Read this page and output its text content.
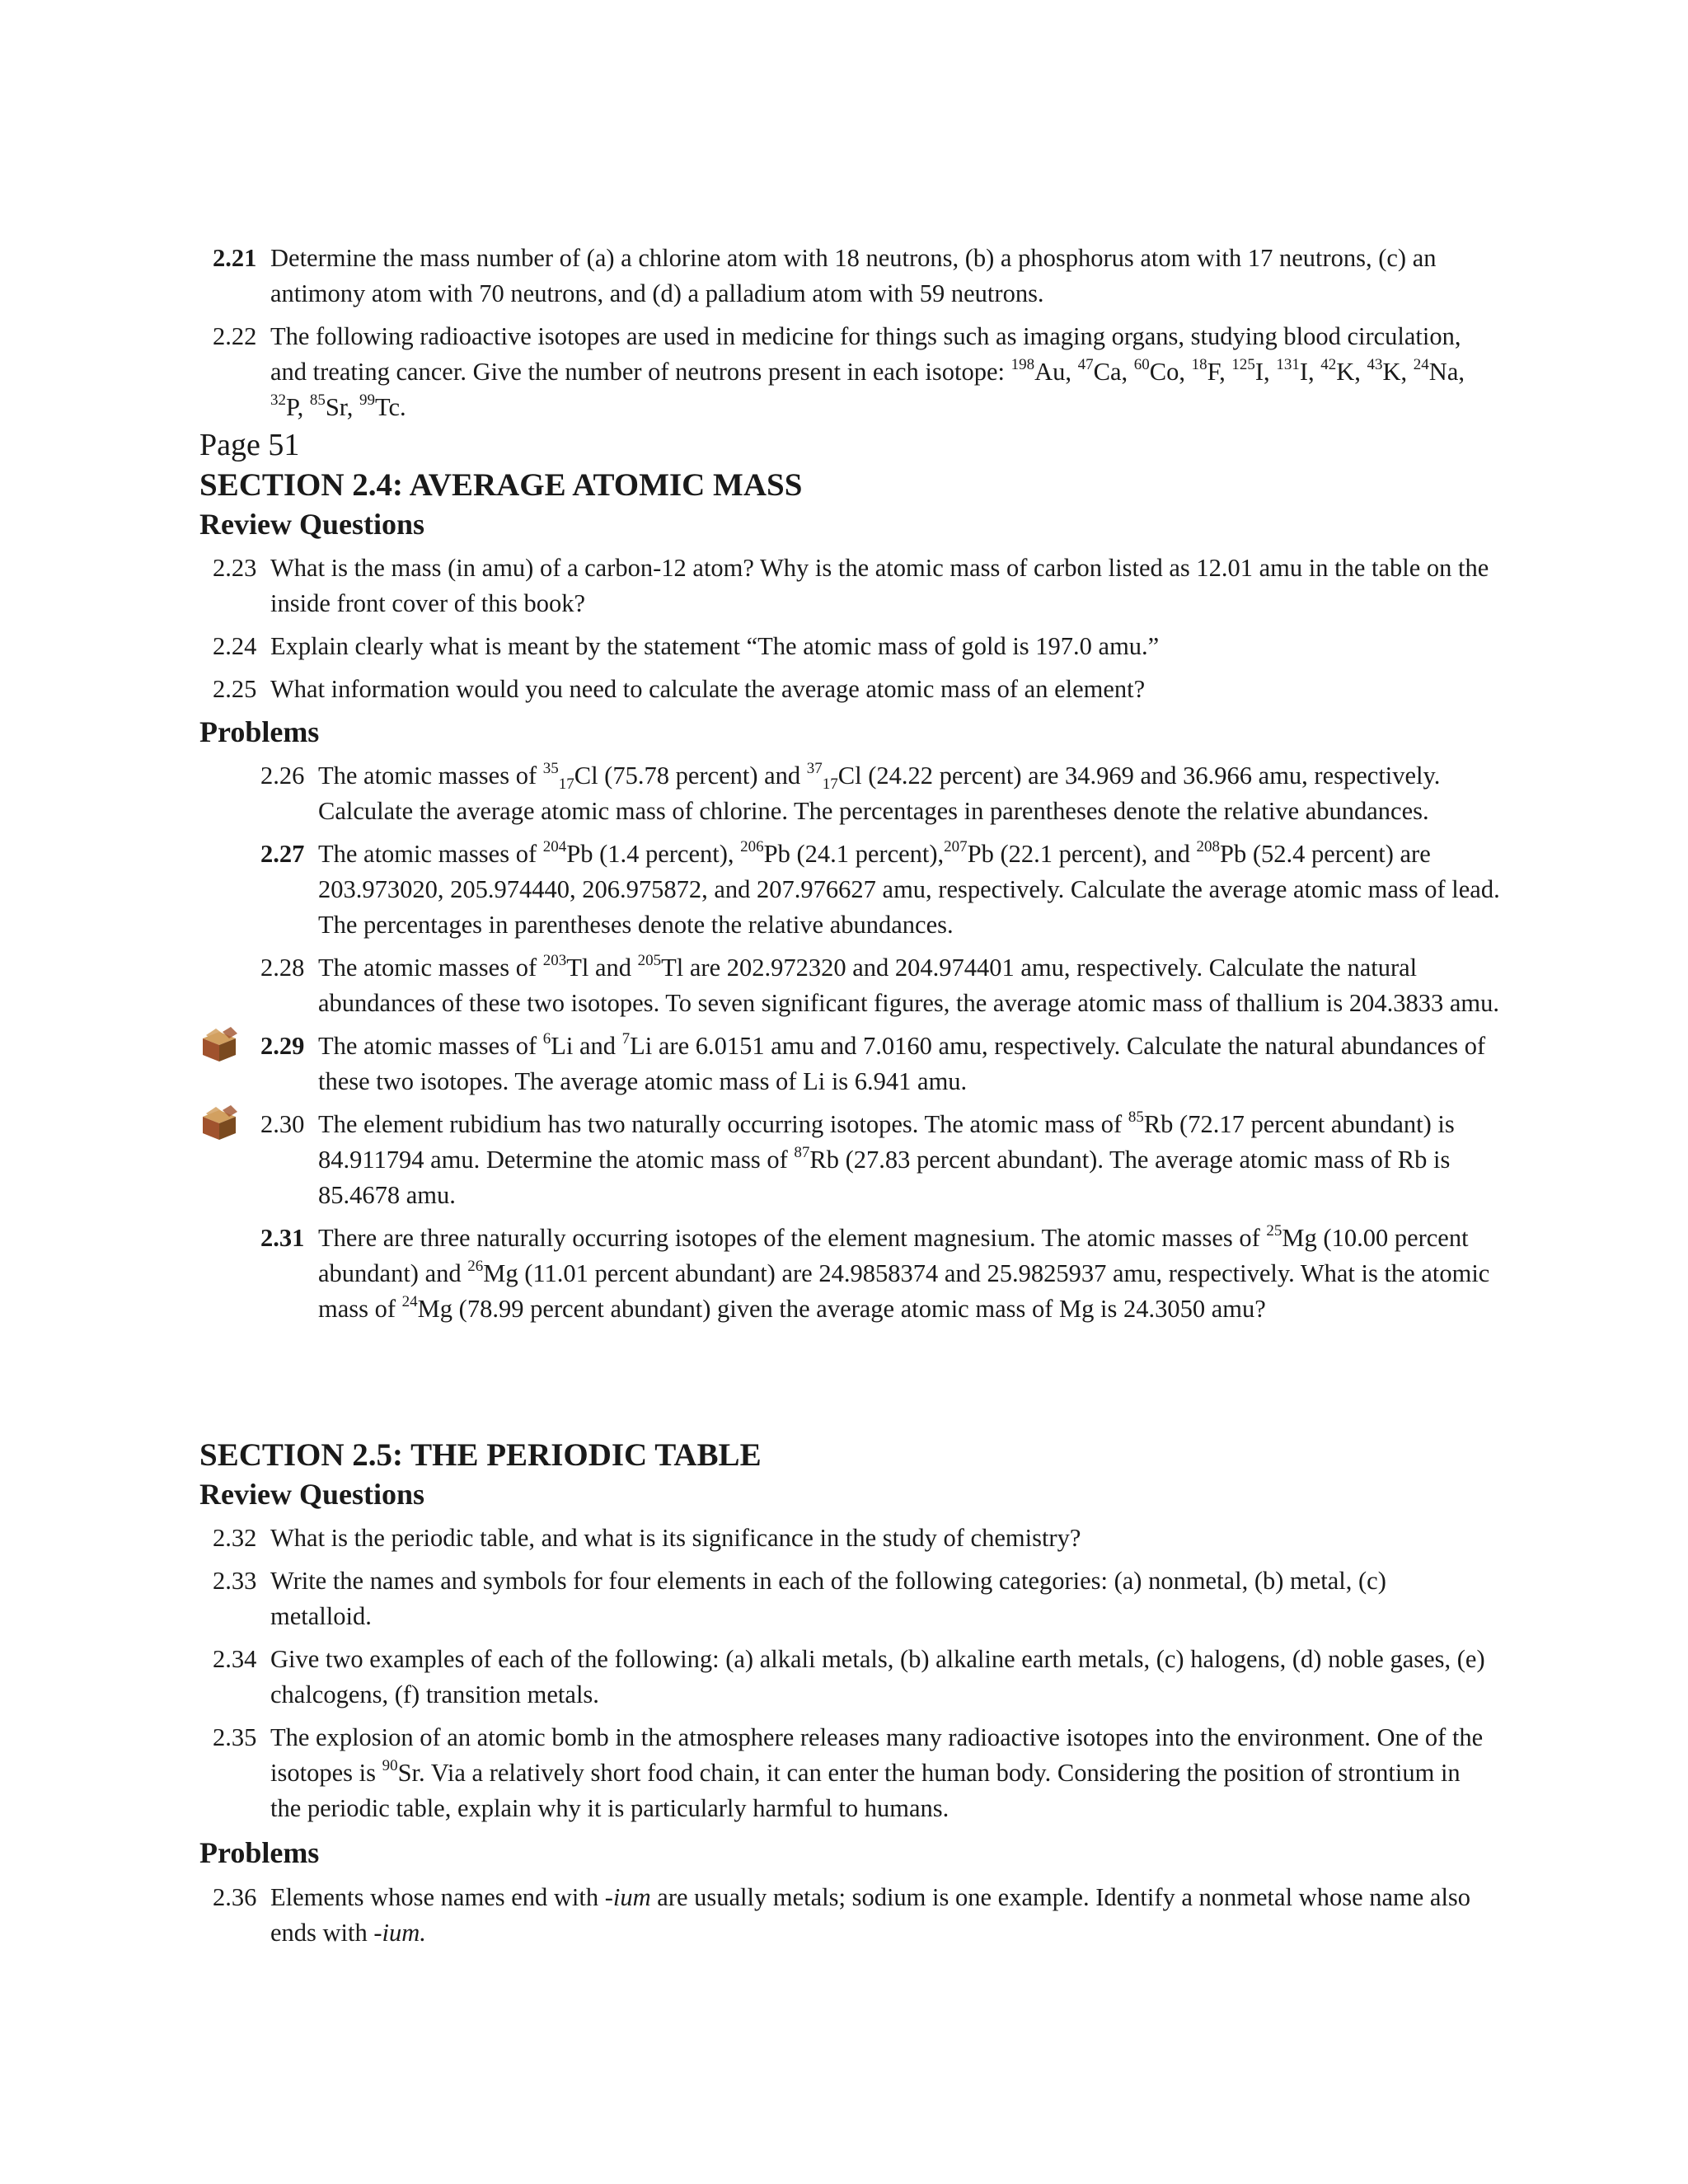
2.21 Determine the mass number of (a) a chlorine atom with 18 neutrons, (b) a phosphorus atom with 17 neutrons, (c) an antimony atom with 70 neutrons, and (d) a palladium atom with 59 neutrons.
2.22 The following radioactive isotopes are used in medicine for things such as imaging organs, studying blood circulation, and treating cancer. Give the number of neutrons present in each isotope: $^{198}$Au, $^{47}$Ca, $^{60}$Co, $^{18}$F, $^{125}$I, $^{131}$I, $^{42}$K, $^{43}$K, $^{24}$Na, $^{32}$P, $^{85}$Sr, $^{99}$Tc.
Page 51
SECTION 2.4: AVERAGE ATOMIC MASS
Review Questions
2.23 What is the mass (in amu) of a carbon-12 atom? Why is the atomic mass of carbon listed as 12.01 amu in the table on the inside front cover of this book?
2.24 Explain clearly what is meant by the statement “The atomic mass of gold is 197.0 amu.”
2.25 What information would you need to calculate the average atomic mass of an element?
Problems
2.26 The atomic masses of $^{35}_{17}$Cl (75.78 percent) and $^{37}_{17}$Cl (24.22 percent) are 34.969 and 36.966 amu, respectively. Calculate the average atomic mass of chlorine. The percentages in parentheses denote the relative abundances.
2.27 The atomic masses of $^{204}$Pb (1.4 percent), $^{206}$Pb (24.1 percent),$^{207}$Pb (22.1 percent), and $^{208}$Pb (52.4 percent) are 203.973020, 205.974440, 206.975872, and 207.976627 amu, respectively. Calculate the average atomic mass of lead. The percentages in parentheses denote the relative abundances.
2.28 The atomic masses of $^{203}$Tl and $^{205}$Tl are 202.972320 and 204.974401 amu, respectively. Calculate the natural abundances of these two isotopes. To seven significant figures, the average atomic mass of thallium is 204.3833 amu.
2.29 The atomic masses of $^6$Li and $^7$Li are 6.0151 amu and 7.0160 amu, respectively. Calculate the natural abundances of these two isotopes. The average atomic mass of Li is 6.941 amu.
2.30 The element rubidium has two naturally occurring isotopes. The atomic mass of $^{85}$Rb (72.17 percent abundant) is 84.911794 amu. Determine the atomic mass of $^{87}$Rb (27.83 percent abundant). The average atomic mass of Rb is 85.4678 amu.
2.31 There are three naturally occurring isotopes of the element magnesium. The atomic masses of $^{25}$Mg (10.00 percent abundant) and $^{26}$Mg (11.01 percent abundant) are 24.9858374 and 25.9825937 amu, respectively. What is the atomic mass of $^{24}$Mg (78.99 percent abundant) given the average atomic mass of Mg is 24.3050 amu?
SECTION 2.5: THE PERIODIC TABLE
Review Questions
2.32 What is the periodic table, and what is its significance in the study of chemistry?
2.33 Write the names and symbols for four elements in each of the following categories: (a) nonmetal, (b) metal, (c) metalloid.
2.34 Give two examples of each of the following: (a) alkali metals, (b) alkaline earth metals, (c) halogens, (d) noble gases, (e) chalcogens, (f) transition metals.
2.35 The explosion of an atomic bomb in the atmosphere releases many radioactive isotopes into the environment. One of the isotopes is $^{90}$Sr. Via a relatively short food chain, it can enter the human body. Considering the position of strontium in the periodic table, explain why it is particularly harmful to humans.
Problems
2.36 Elements whose names end with -ium are usually metals; sodium is one example. Identify a nonmetal whose name also ends with -ium.
